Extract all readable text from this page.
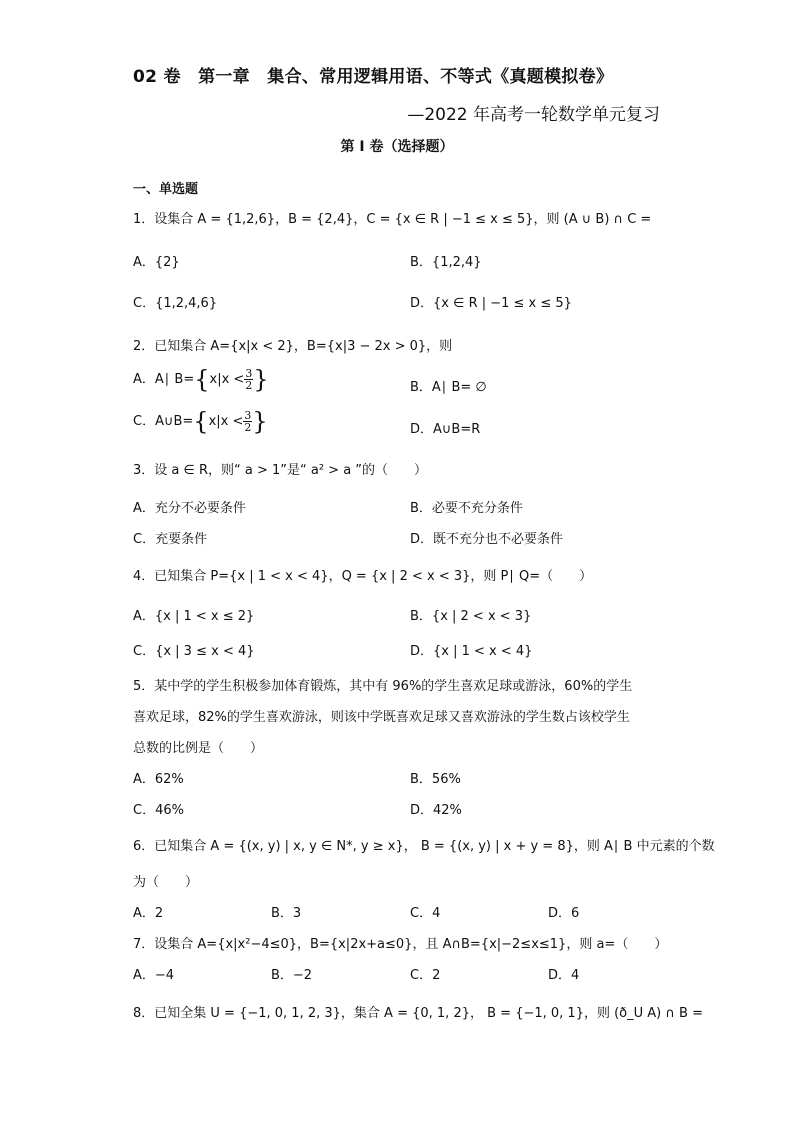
02 卷　第一章　集合、常用逻辑用语、不等式《真题模拟卷》
—2022 年高考一轮数学单元复习
第 I 卷（选择题）
一、单选题
1．设集合 A = {1,2,6}，B = {2,4}，C = {x ∈ R | −1 ≤ x ≤ 5}，则 (A ∪ B) ∩ C =
A．{2}	B．{1,2,4}
C．{1,2,4,6}	D．{x ∈ R | −1 ≤ x ≤ 5}
2．已知集合 A={x|x < 2}，B={x|3 − 2x > 0}，则
A．A∣ $B=\{x|x < \frac{3}{2}$ }	B．A∣ B= ∅
C．A∪B={x|x < $\frac{3}{2}$ }	D．A∪B=R
3．设 a ∈ R，则“ a > 1”是“ a² > a ”的（　　）
A．充分不必要条件	B．必要不充分条件
C．充要条件	D．既不充分也不必要条件
4．已知集合 P={x | 1 < x < 4}，Q = {x | 2 < x < 3}，则 P∣ Q=（　　）
A．{x | 1 < x ≤ 2}	B．{x | 2 < x < 3}
C．{x | 3 ≤ x < 4}	D．{x | 1 < x < 4}
5．某中学的学生积极参加体育锻炼，其中有 96%的学生喜欢足球或游泳，60%的学生
喜欢足球，82%的学生喜欢游泳，则该中学既喜欢足球又喜欢游泳的学生数占该校学生
总数的比例是（　　）
A．62%	B．56%
C．46%	D．42%
6．已知集合 A = {(x, y) | x, y ∈ N*, y ≥ x}， B = {(x, y) | x + y = 8}，则 A∣ B 中元素的个数
为（　　）
A．2	B．3	C．4	D．6
7．设集合 A={x|x²−4≤0}，B={x|2x+a≤0}，且 A∩B={x|−2≤x≤1}，则 a=（　　）
A．−4	B．−2	C．2	D．4
8．已知全集 U = {−1, 0, 1, 2, 3}，集合 A = {0, 1, 2}， B = {−1, 0, 1}，则 (ð_U A) ∩ B =
